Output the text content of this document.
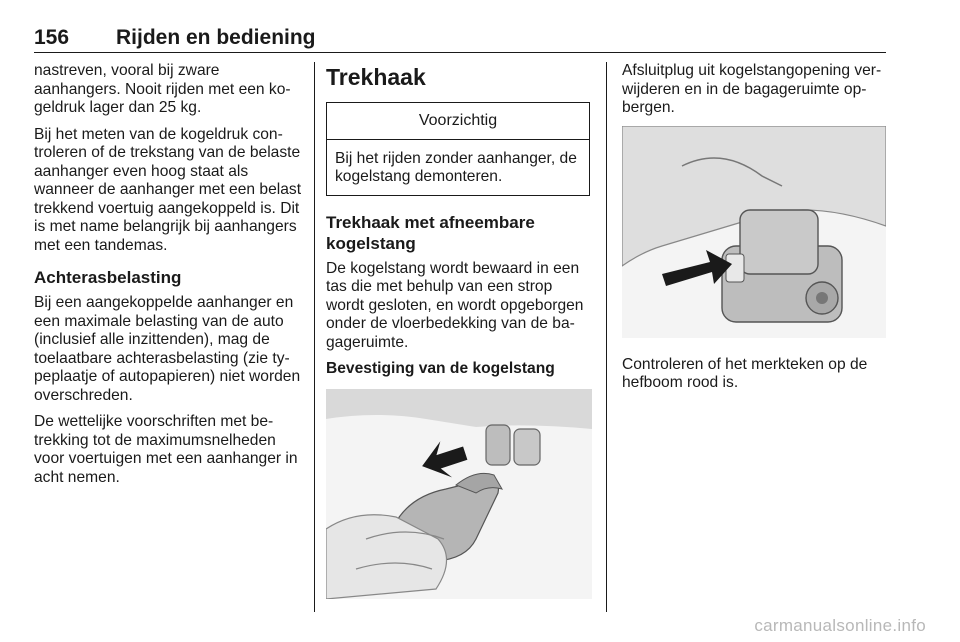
156 Rijden en bediening

nastreven, vooral bij zware aanhangers. Nooit rijden met een kogeldruk lager dan 25 kg.

Bij het meten van de kogeldruk controleren of de trekstang van de belaste aanhanger even hoog staat als wanneer de aanhanger met een belast trekkend voertuig aangekoppeld is. Dit is met name belangrijk bij aanhangers met een tandemas.

Achterasbelasting

Bij een aangekoppelde aanhanger en een maximale belasting van de auto (inclusief alle inzittenden), mag de toelaatbare achterasbelasting (zie typeplaatje of autopapieren) niet worden overschreden.

De wettelijke voorschriften met betrekking tot de maximumsnelheden voor voertuigen met een aanhanger in acht nemen.

Trekhaak
Voorzichtig
Bij het rijden zonder aanhanger, de kogelstang demonteren.
Trekhaak met afneembare kogelstang

De kogelstang wordt bewaard in een tas die met behulp van een strop wordt gesloten, en wordt opgeborgen onder de vloerbedekking van de bagageruimte.

Bevestiging van de kogelstang

Afsluitplug uit kogelstangopening verwijderen en in de bagageruimte opbergen.

Controleren of het merkteken op de hefboom rood is.

carmanualsonline.info
